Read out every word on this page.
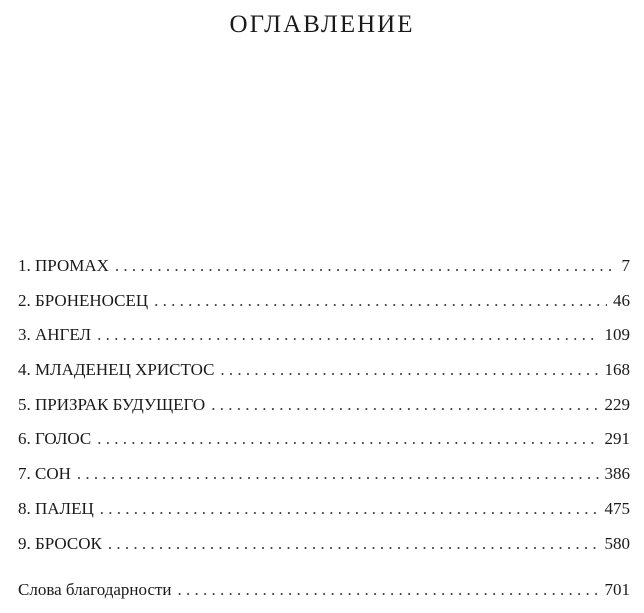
ОГЛАВЛЕНИЕ
1. ПРОМАХ . . .	7
2. БРОНЕНОСЕЦ . . .	46
3. АНГЕЛ . . .	109
4. МЛАДЕНЕЦ ХРИСТОС . . .	168
5. ПРИЗРАК БУДУЩЕГО . . .	229
6. ГОЛОС . . .	291
7. СОН . . .	386
8. ПАЛЕЦ . . .	475
9. БРОСОК . . .	580
Слова благодарности . . .	701
